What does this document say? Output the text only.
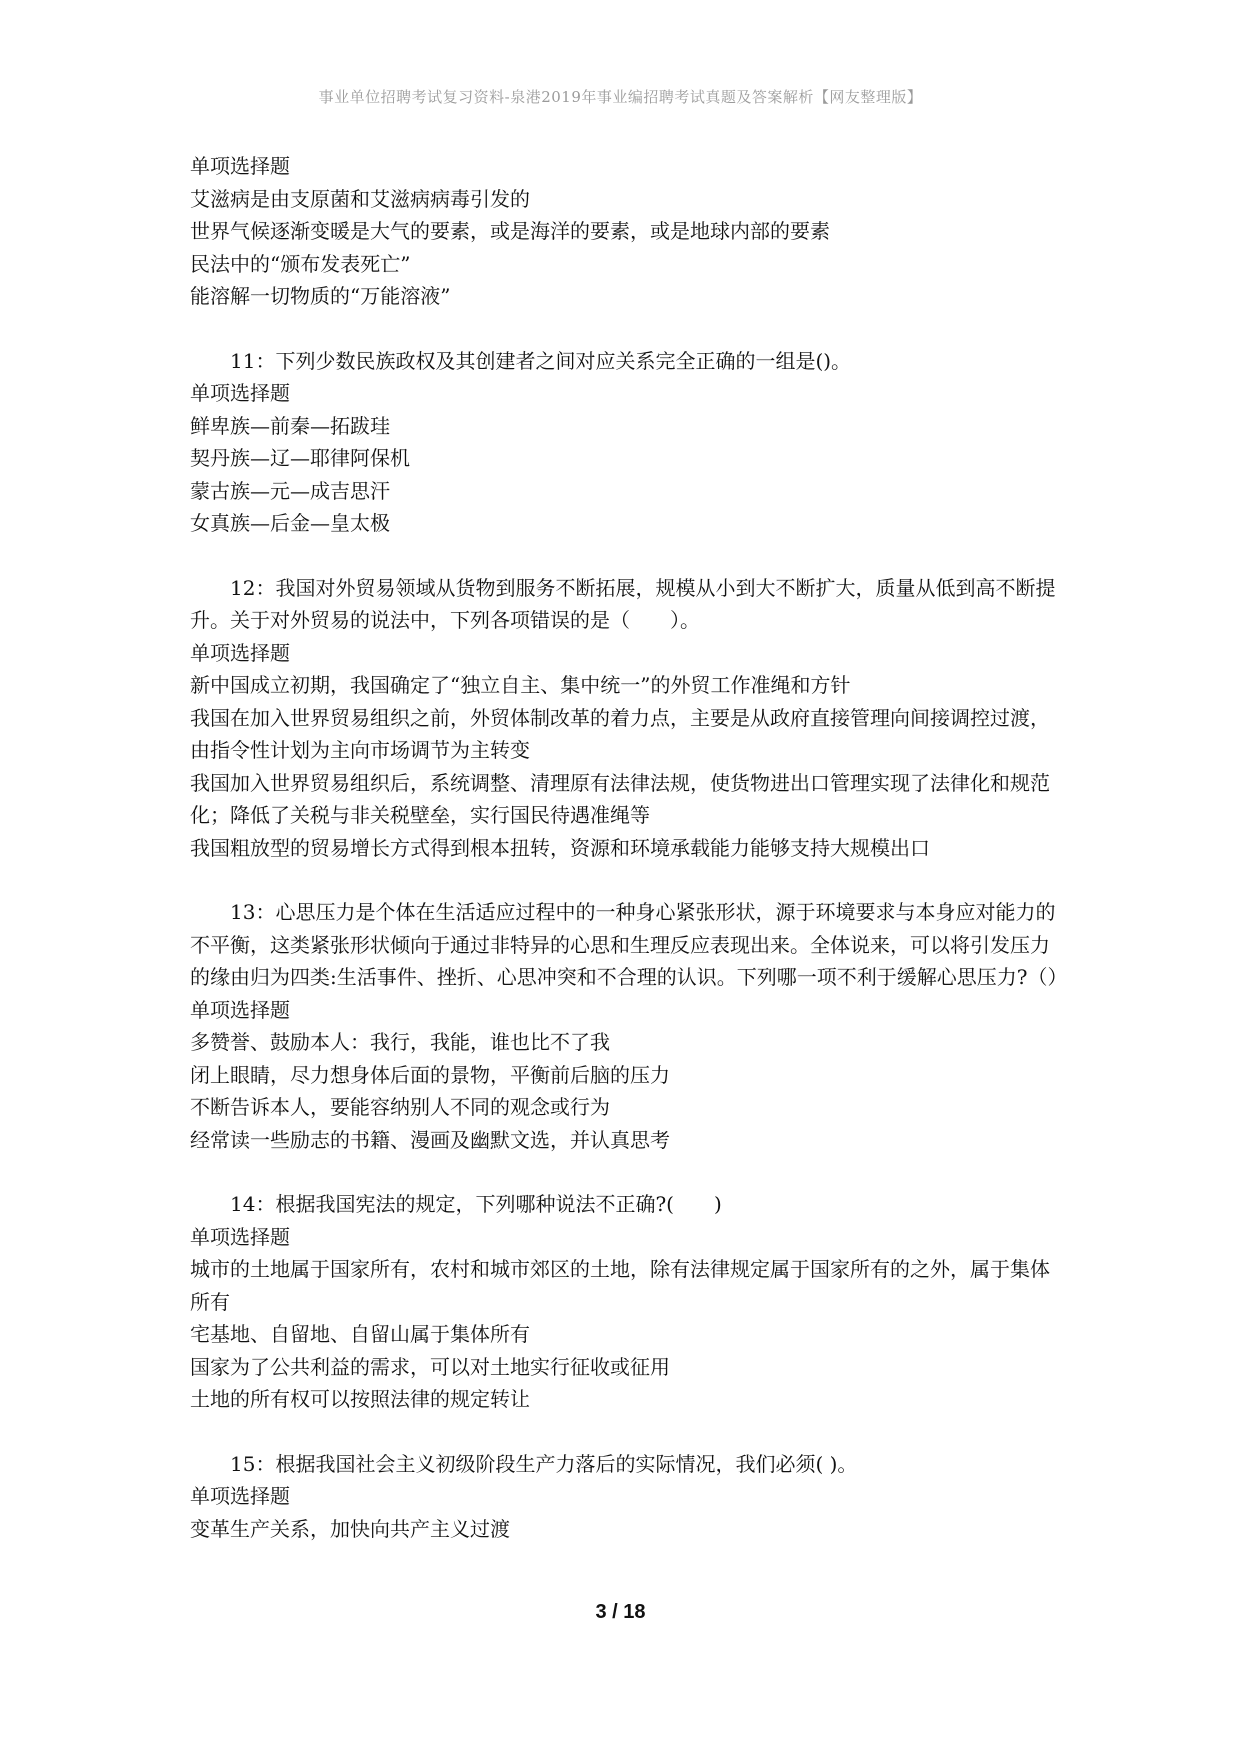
事业单位招聘考试复习资料-泉港2019年事业编招聘考试真题及答案解析【网友整理版】

单项选择题

艾滋病是由支原菌和艾滋病病毒引发的

世界气候逐渐变暖是大气的要素，或是海洋的要素，或是地球内部的要素

民法中的“颁布发表死亡”

能溶解一切物质的“万能溶液”

11：下列少数民族政权及其创建者之间对应关系完全正确的一组是()。

单项选择题

鲜卑族—前秦—拓跋珪

契丹族—辽—耶律阿保机

蒙古族—元—成吉思汗

女真族—后金—皇太极

12：我国对外贸易领域从货物到服务不断拓展，规模从小到大不断扩大，质量从低到高不断提升。关于对外贸易的说法中，下列各项错误的是（　　）。

单项选择题

新中国成立初期，我国确定了“独立自主、集中统一”的外贸工作准绳和方针

我国在加入世界贸易组织之前，外贸体制改革的着力点，主要是从政府直接管理向间接调控过渡，由指令性计划为主向市场调节为主转变

我国加入世界贸易组织后，系统调整、清理原有法律法规，使货物进出口管理实现了法律化和规范化；降低了关税与非关税壁垒，实行国民待遇准绳等

我国粗放型的贸易增长方式得到根本扭转，资源和环境承载能力能够支持大规模出口

13：心思压力是个体在生活适应过程中的一种身心紧张形状，源于环境要求与本身应对能力的不平衡，这类紧张形状倾向于通过非特异的心思和生理反应表现出来。全体说来，可以将引发压力的缘由归为四类:生活事件、挫折、心思冲突和不合理的认识。下列哪一项不利于缓解心思压力?（）

单项选择题

多赞誉、鼓励本人：我行，我能，谁也比不了我

闭上眼睛，尽力想身体后面的景物，平衡前后脑的压力

不断告诉本人，要能容纳别人不同的观念或行为

经常读一些励志的书籍、漫画及幽默文选，并认真思考

14：根据我国宪法的规定，下列哪种说法不正确?(　　)

单项选择题

城市的土地属于国家所有，农村和城市郊区的土地，除有法律规定属于国家所有的之外，属于集体所有

宅基地、自留地、自留山属于集体所有

国家为了公共利益的需求，可以对土地实行征收或征用

土地的所有权可以按照法律的规定转让

15：根据我国社会主义初级阶段生产力落后的实际情况，我们必须( )。

单项选择题

变革生产关系，加快向共产主义过渡

3 / 18
